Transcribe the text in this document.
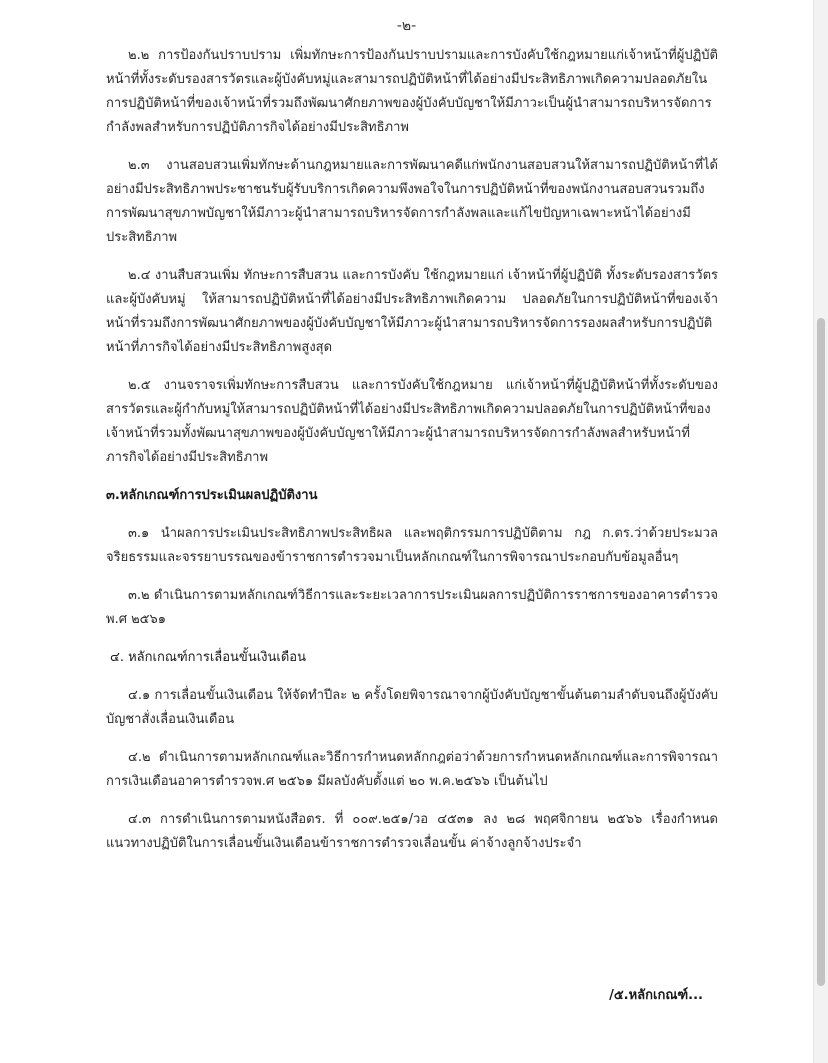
-๒-

๒.๒ การป้องกันปราบปราม เพิ่มทักษะการป้องกันปราบปรามและการบังคับใช้กฎหมายแก่เจ้าหน้าที่ผู้ปฏิบัติหน้าที่ทั้งระดับรองสารวัตรและผู้บังคับหมู่และสามารถปฏิบัติหน้าที่ได้อย่างมีประสิทธิภาพเกิดความปลอดภัยในการปฏิบัติหน้าที่ของเจ้าหน้าที่รวมถึงพัฒนาศักยภาพของผู้บังคับบัญชาให้มีภาวะเป็นผู้นำสามารถบริหารจัดการกำลังพลสำหรับการปฏิบัติภารกิจได้อย่างมีประสิทธิภาพ

๒.๓ งานสอบสวนเพิ่มทักษะด้านกฎหมายและการพัฒนาคดีแก่พนักงานสอบสวนให้สามารถปฏิบัติหน้าที่ได้อย่างมีประสิทธิภาพประชาชนรับผู้รับบริการเกิดความพึงพอใจในการปฏิบัติหน้าที่ของพนักงานสอบสวนรวมถึงการพัฒนาสุขภาพบัญชาให้มีภาวะผู้นำสามารถบริหารจัดการกำลังพลและแก้ไขปัญหาเฉพาะหน้าได้อย่างมีประสิทธิภาพ

๒.๔ งานสืบสวนเพิ่ม ทักษะการสืบสวน และการบังคับ ใช้กฎหมายแก่ เจ้าหน้าที่ผู้ปฏิบัติ ทั้งระดับรองสารวัตรและผู้บังคับหมู่ ให้สามารถปฏิบัติหน้าที่ได้อย่างมีประสิทธิภาพเกิดความ ปลอดภัยในการปฏิบัติหน้าที่ของเจ้าหน้าที่รวมถึงการพัฒนาศักยภาพของผู้บังคับบัญชาให้มีภาวะผู้นำสามารถบริหารจัดการรองผลสำหรับการปฏิบัติหน้าที่ภารกิจได้อย่างมีประสิทธิภาพสูงสุด

๒.๕ งานจราจรเพิ่มทักษะการสืบสวน และการบังคับใช้กฎหมาย แก่เจ้าหน้าที่ผู้ปฏิบัติหน้าที่ทั้งระดับของสารวัตรและผู้กำกับหมู่ให้สามารถปฏิบัติหน้าที่ได้อย่างมีประสิทธิภาพเกิดความปลอดภัยในการปฏิบัติหน้าที่ของเจ้าหน้าที่รวมทั้งพัฒนาสุขภาพของผู้บังคับบัญชาให้มีภาวะผู้นำสามารถบริหารจัดการกำลังพลสำหรับหน้าที่ภารกิจได้อย่างมีประสิทธิภาพ

๓.หลักเกณฑ์การประเมินผลปฏิบัติงาน

๓.๑ นำผลการประเมินประสิทธิภาพประสิทธิผล และพฤติกรรมการปฏิบัติตาม กฎ ก.ตร.ว่าด้วยประมวลจริยธรรมและจรรยาบรรณของข้าราชการตำรวจมาเป็นหลักเกณฑ์ในการพิจารณาประกอบกับข้อมูลอื่นๆ

๓.๒ ดำเนินการตามหลักเกณฑ์วิธีการและระยะเวลาการประเมินผลการปฏิบัติการราชการของอาคารตำรวจพ.ศ ๒๕๖๑

๔. หลักเกณฑ์การเลื่อนขั้นเงินเดือน

๔.๑ การเลื่อนขั้นเงินเดือน ให้จัดทำปีละ ๒ ครั้งโดยพิจารณาจากผู้บังคับบัญชาขั้นต้นตามลำดับจนถึงผู้บังคับบัญชาสั่งเลื่อนเงินเดือน

๔.๒ ดำเนินการตามหลักเกณฑ์และวิธีการกำหนดหลักกฎต่อว่าด้วยการกำหนดหลักเกณฑ์และการพิจารณาการเงินเดือนอาคารตำรวจพ.ศ ๒๕๖๑ มีผลบังคับตั้งแต่ ๒๐ พ.ค.๒๕๖๖ เป็นต้นไป

๔.๓ การดำเนินการตามหนังสือตร. ที่ ๐๐๙.๒๕๑/วอ ๔๕๓๑ ลง ๒๘ พฤศจิกายน ๒๕๖๖ เรื่องกำหนดแนวทางปฏิบัติในการเลื่อนขั้นเงินเดือนข้าราชการตำรวจเลื่อนขั้น ค่าจ้างลูกจ้างประจำ

/๕.หลักเกณฑ์...
